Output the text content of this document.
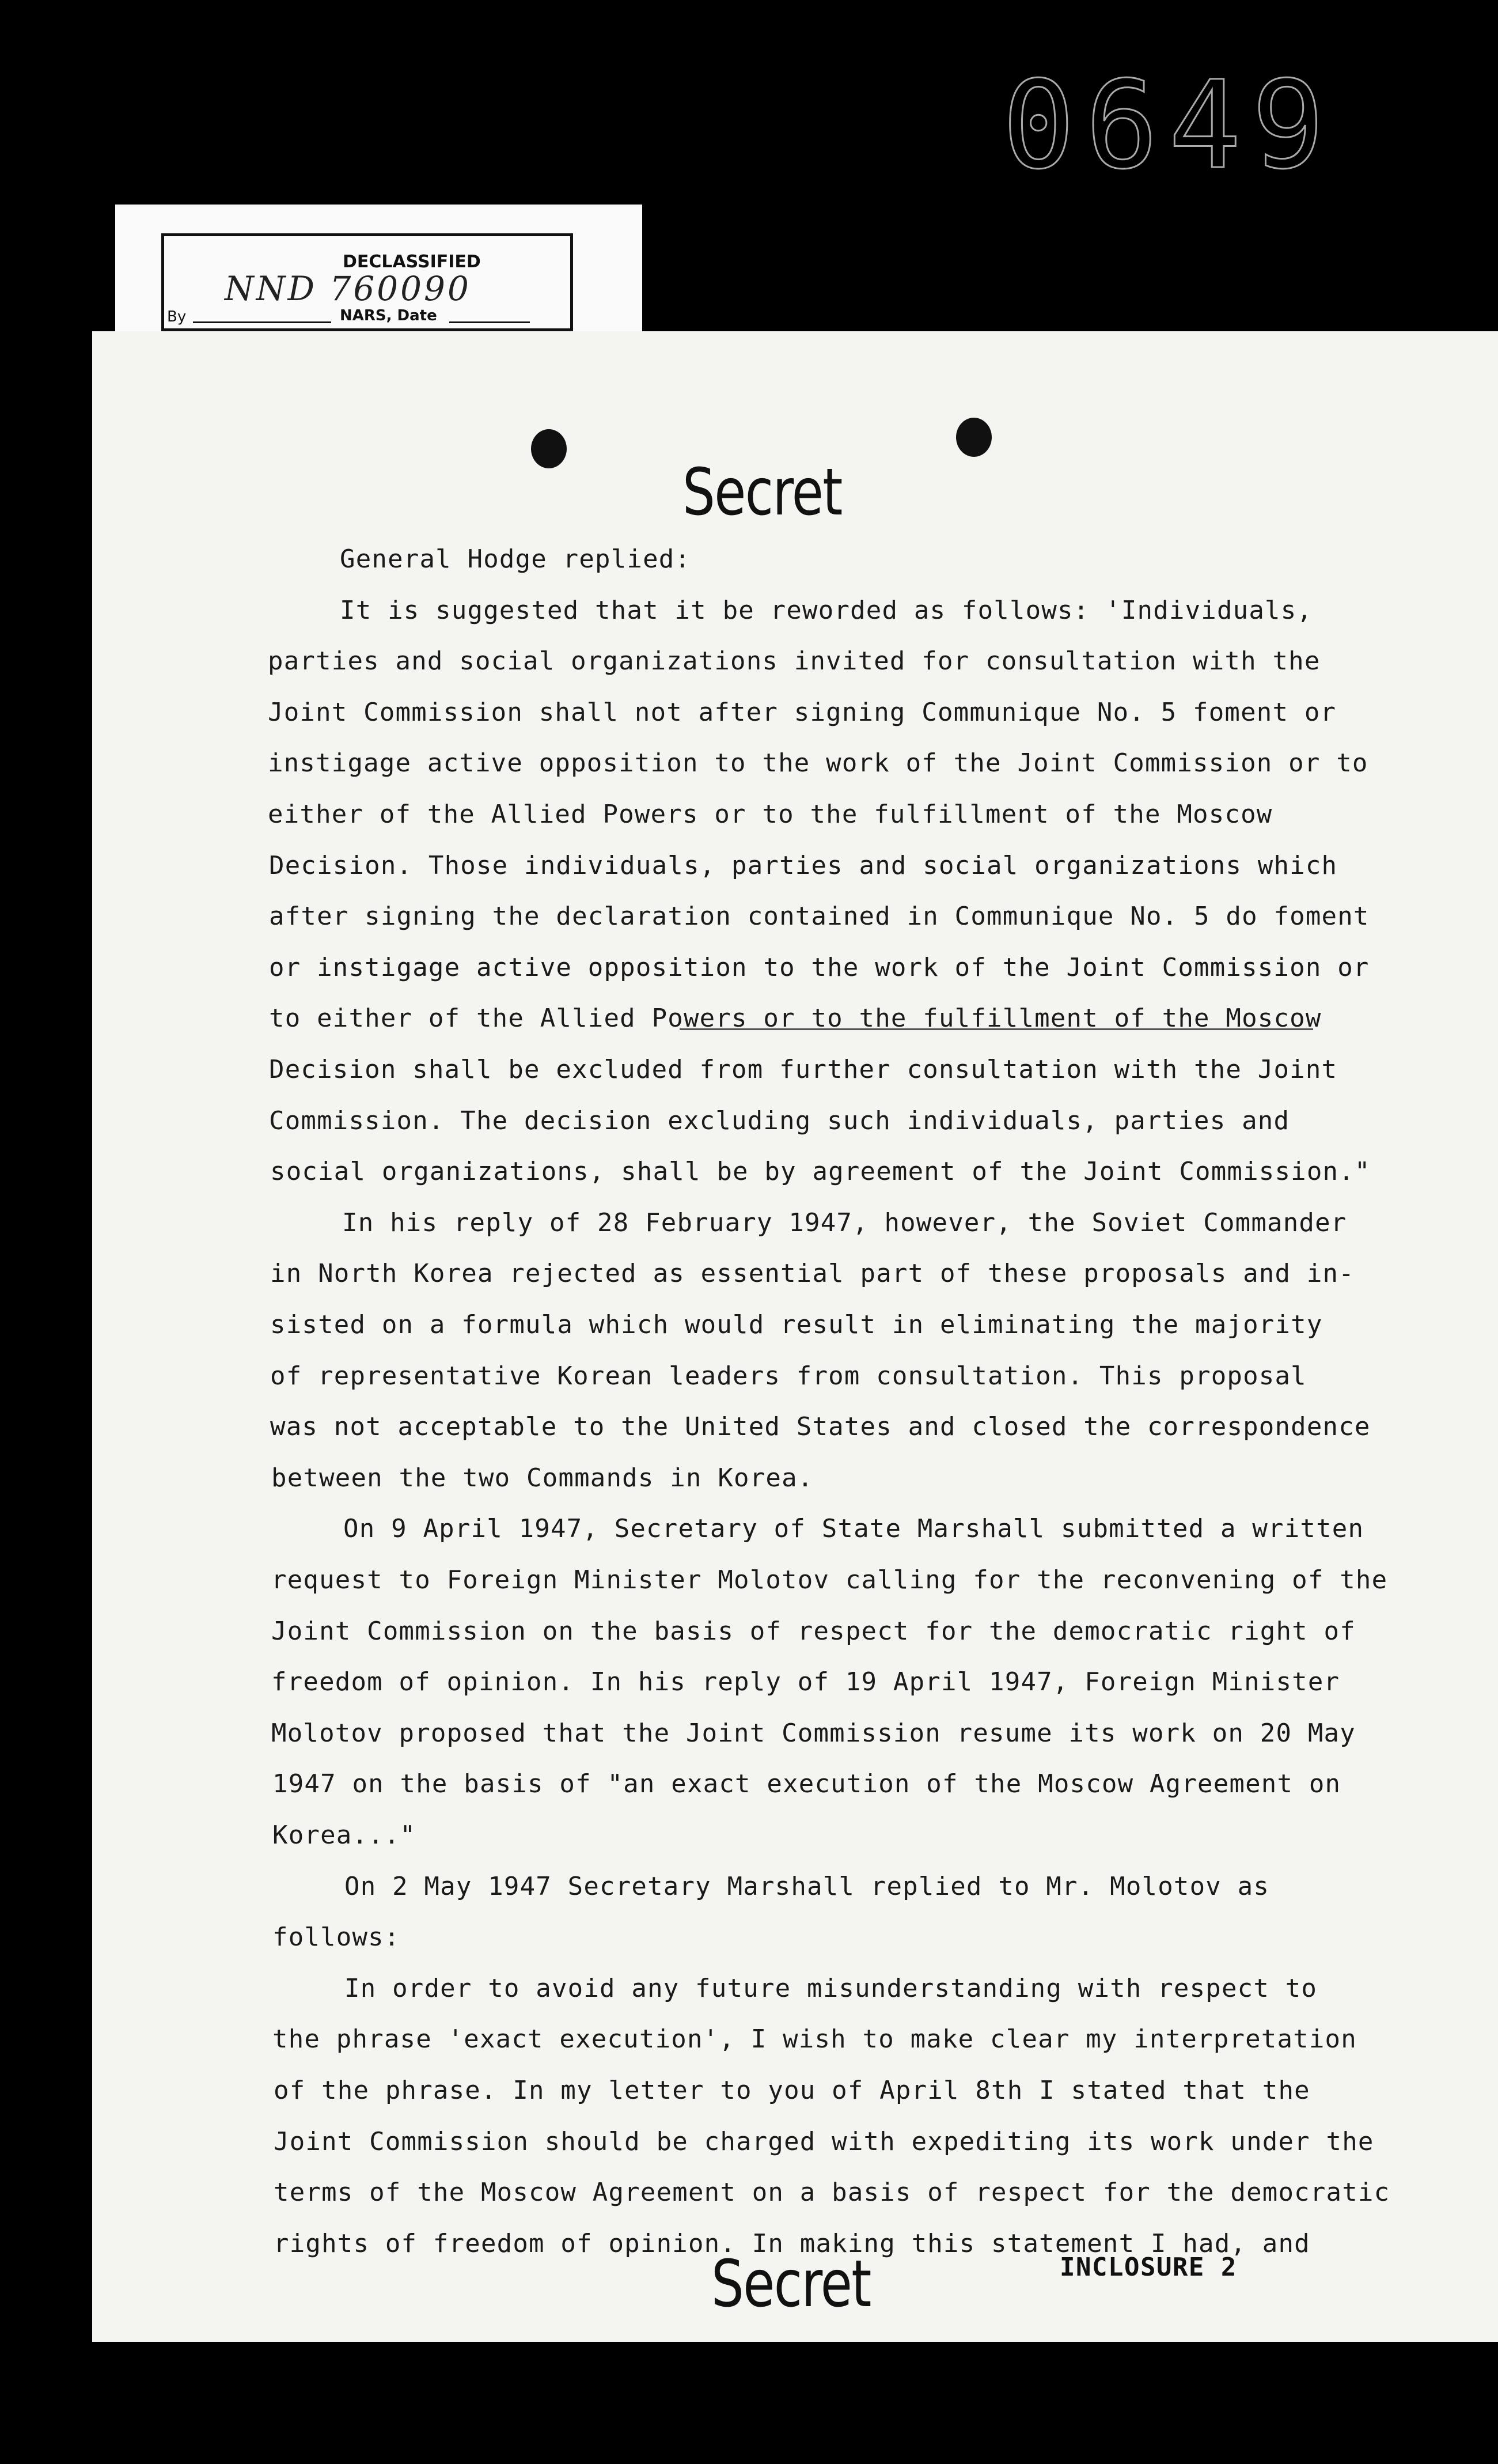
0649
DECLASSIFIED
NND 760090
By	NARS, Date
Secret
General Hodge replied:
It is suggested that it be reworded as follows: 'Individuals,
parties and social organizations invited for consultation with the
Joint Commission shall not after signing Communique No. 5 foment or
instigage active opposition to the work of the Joint Commission or to
either of the Allied Powers or to the fulfillment of the Moscow
Decision. Those individuals, parties and social organizations which
after signing the declaration contained in Communique No. 5 do foment
or instigage active opposition to the work of the Joint Commission or
to either of the Allied Powers or to the fulfillment of the Moscow
Decision shall be excluded from further consultation with the Joint
Commission. The decision excluding such individuals, parties and
social organizations, shall be by agreement of the Joint Commission."
In his reply of 28 February 1947, however, the Soviet Commander
in North Korea rejected as essential part of these proposals and in-
sisted on a formula which would result in eliminating the majority
of representative Korean leaders from consultation. This proposal
was not acceptable to the United States and closed the correspondence
between the two Commands in Korea.
On 9 April 1947, Secretary of State Marshall submitted a written
request to Foreign Minister Molotov calling for the reconvening of the
Joint Commission on the basis of respect for the democratic right of
freedom of opinion. In his reply of 19 April 1947, Foreign Minister
Molotov proposed that the Joint Commission resume its work on 20 May
1947 on the basis of "an exact execution of the Moscow Agreement on
Korea..."
On 2 May 1947 Secretary Marshall replied to Mr. Molotov as
follows:
In order to avoid any future misunderstanding with respect to
the phrase 'exact execution', I wish to make clear my interpretation
of the phrase. In my letter to you of April 8th I stated that the
Joint Commission should be charged with expediting its work under the
terms of the Moscow Agreement on a basis of respect for the democratic
rights of freedom of opinion. In making this statement I had, and
Secret	INCLOSURE 2
